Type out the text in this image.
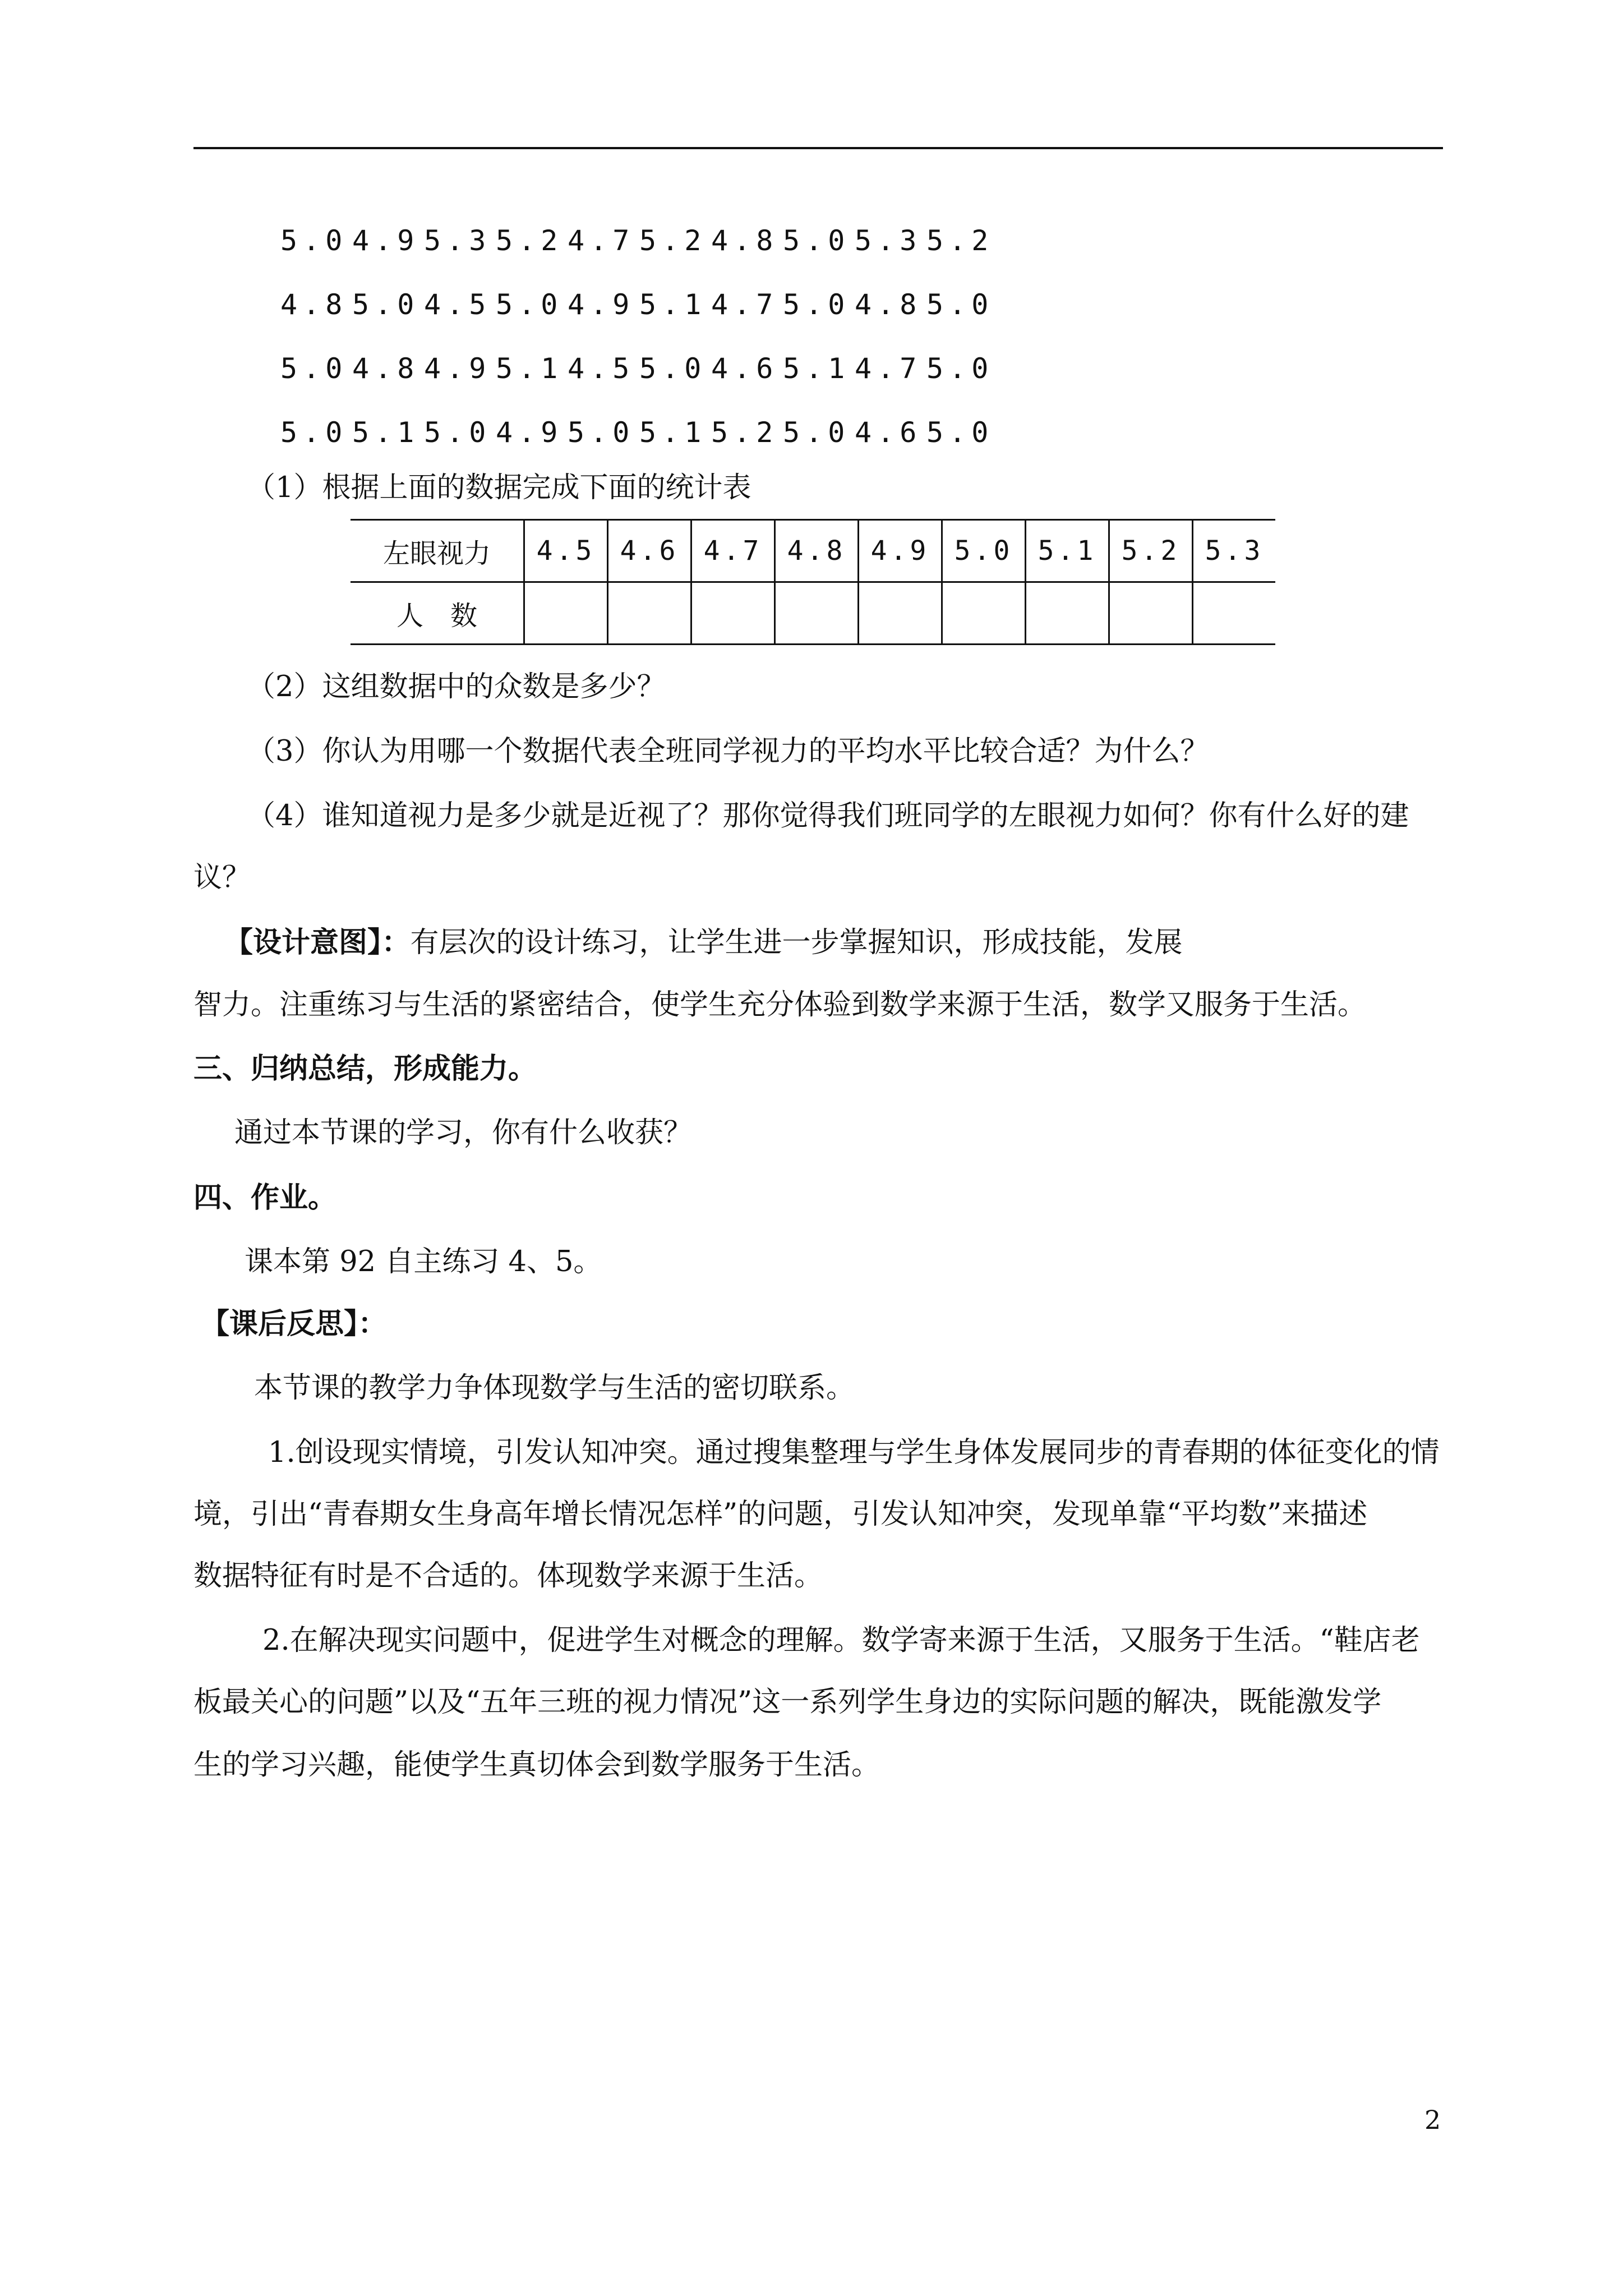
5.0 4.9 5.3 5.2 4.7 5.2 4.8 5.0 5.3 5.2
4.8 5.0 4.5 5.0 4.9 5.1 4.7 5.0 4.8 5.0
5.0 4.8 4.9 5.1 4.5 5.0 4.6 5.1 4.7 5.0
5.0 5.1 5.0 4.9 5.0 5.1 5.2 5.0 4.6 5.0
（1）根据上面的数据完成下面的统计表
左眼视力	4.5	4.6	4.7	4.8	4.9	5.0	5.1	5.2	5.3
人　数									
（2）这组数据中的众数是多少？
（3）你认为用哪一个数据代表全班同学视力的平均水平比较合适？为什么？
（4）谁知道视力是多少就是近视了？那你觉得我们班同学的左眼视力如何？你有什么好的建
议？
【设计意图】：有层次的设计练习，让学生进一步掌握知识，形成技能，发展
智力。注重练习与生活的紧密结合，使学生充分体验到数学来源于生活，数学又服务于生活。
三、归纳总结，形成能力。
通过本节课的学习，你有什么收获？
四、作业。
课本第 92 自主练习 4、5。
【课后反思】：
本节课的教学力争体现数学与生活的密切联系。
1.创设现实情境，引发认知冲突。通过搜集整理与学生身体发展同步的青春期的体征变化的情
境，引出“青春期女生身高年增长情况怎样”的问题，引发认知冲突，发现单靠“平均数”来描述
数据特征有时是不合适的。体现数学来源于生活。
2.在解决现实问题中，促进学生对概念的理解。数学寄来源于生活，又服务于生活。“鞋店老
板最关心的问题”以及“五年三班的视力情况”这一系列学生身边的实际问题的解决，既能激发学
生的学习兴趣，能使学生真切体会到数学服务于生活。
2
